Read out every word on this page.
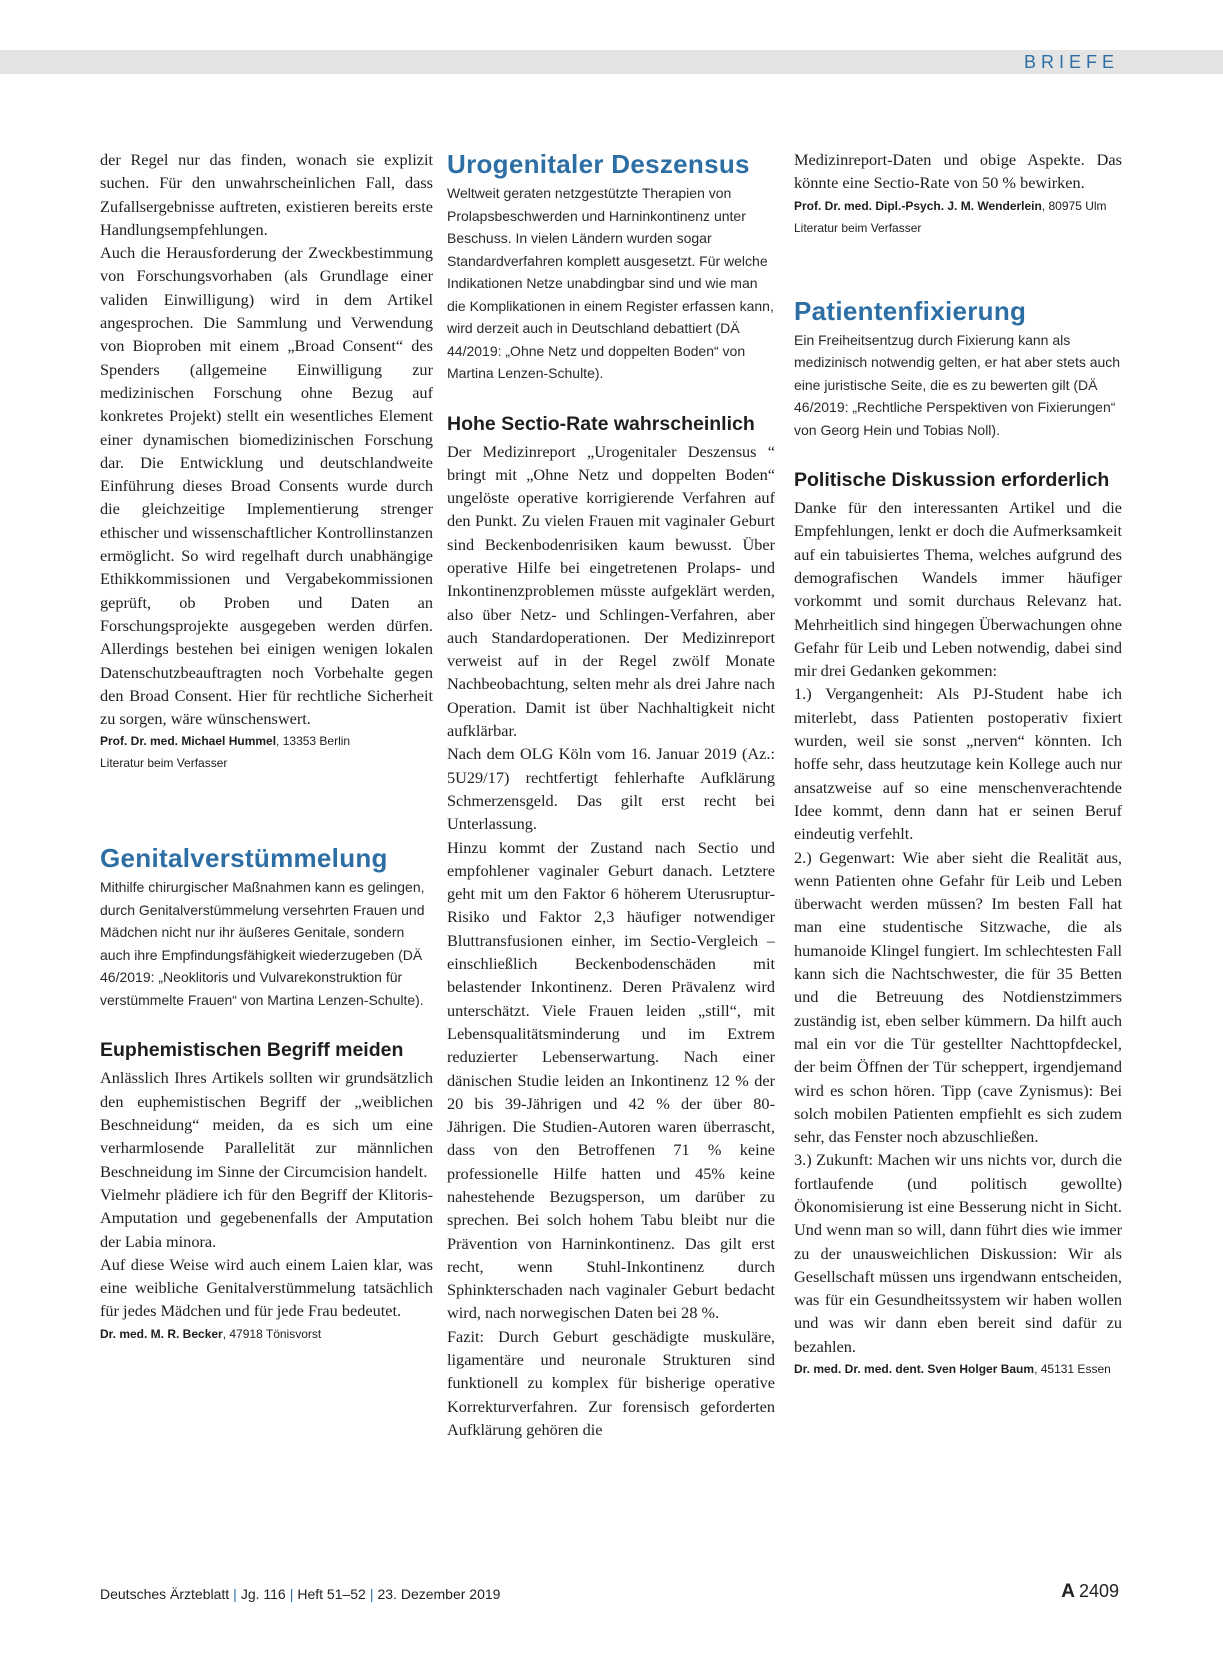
BRIEFE

der Regel nur das finden, wonach sie explizit suchen. Für den unwahrscheinlichen Fall, dass Zufallsergebnisse auftreten, existieren bereits erste Handlungsempfehlungen.

Auch die Herausforderung der Zweckbestimmung von Forschungsvorhaben (als Grundlage einer validen Einwilligung) wird in dem Artikel angesprochen. Die Sammlung und Verwendung von Bioproben mit einem „Broad Consent“ des Spenders (allgemeine Einwilligung zur medizinischen Forschung ohne Bezug auf konkretes Projekt) stellt ein wesentliches Element einer dynamischen biomedizinischen Forschung dar. Die Entwicklung und deutschlandweite Einführung dieses Broad Consents wurde durch die gleichzeitige Implementierung strenger ethischer und wissenschaftlicher Kontrollinstanzen ermöglicht. So wird regelhaft durch unabhängige Ethikkommissionen und Vergabekommissionen geprüft, ob Proben und Daten an Forschungsprojekte ausgegeben werden dürfen. Allerdings bestehen bei einigen wenigen lokalen Datenschutzbeauftragten noch Vorbehalte gegen den Broad Consent. Hier für rechtliche Sicherheit zu sorgen, wäre wünschenswert.

Prof. Dr. med. Michael Hummel, 13353 Berlin

Literatur beim Verfasser

Genitalverstümmelung

Mithilfe chirurgischer Maßnahmen kann es gelingen, durch Genitalverstümmelung versehrten Frauen und Mädchen nicht nur ihr äußeres Genitale, sondern auch ihre Empfindungsfähigkeit wiederzugeben (DÄ 46/2019: „Neoklitoris und Vulvarekonstruktion für verstümmelte Frauen“ von Martina Lenzen-Schulte).

Euphemistischen Begriff meiden

Anlässlich Ihres Artikels sollten wir grundsätzlich den euphemistischen Begriff der „weiblichen Beschneidung“ meiden, da es sich um eine verharmlosende Parallelität zur männlichen Beschneidung im Sinne der Circumcision handelt.

Vielmehr plädiere ich für den Begriff der Klitoris-Amputation und gegebenenfalls der Amputation der Labia minora.

Auf diese Weise wird auch einem Laien klar, was eine weibliche Genitalverstümmelung tatsächlich für jedes Mädchen und für jede Frau bedeutet.

Dr. med. M. R. Becker, 47918 Tönisvorst

Urogenitaler Deszensus

Weltweit geraten netzgestützte Therapien von Prolapsbeschwerden und Harninkontinenz unter Beschuss. In vielen Ländern wurden sogar Standardverfahren komplett ausgesetzt. Für welche Indikationen Netze unabdingbar sind und wie man die Komplikationen in einem Register erfassen kann, wird derzeit auch in Deutschland debattiert (DÄ 44/2019: „Ohne Netz und doppelten Boden“ von Martina Lenzen-Schulte).

Hohe Sectio-Rate wahrscheinlich

Der Medizinreport „Urogenitaler Deszensus “ bringt mit „Ohne Netz und doppelten Boden“ ungelöste operative korrigierende Verfahren auf den Punkt. Zu vielen Frauen mit vaginaler Geburt sind Beckenbodenrisiken kaum bewusst. Über operative Hilfe bei eingetretenen Prolaps- und Inkontinenzproblemen müsste aufgeklärt werden, also über Netz- und Schlingen-Verfahren, aber auch Standardoperationen. Der Medizinreport verweist auf in der Regel zwölf Monate Nachbeobachtung, selten mehr als drei Jahre nach Operation. Damit ist über Nachhaltigkeit nicht aufklärbar.

Nach dem OLG Köln vom 16. Januar 2019 (Az.: 5U29/17) rechtfertigt fehlerhafte Aufklärung Schmerzensgeld. Das gilt erst recht bei Unterlassung.

Hinzu kommt der Zustand nach Sectio und empfohlener vaginaler Geburt danach. Letztere geht mit um den Faktor 6 höherem Uterusruptur-Risiko und Faktor 2,3 häufiger notwendiger Bluttransfusionen einher, im Sectio-Vergleich – einschließlich Beckenbodenschäden mit belastender Inkontinenz. Deren Prävalenz wird unterschätzt. Viele Frauen leiden „still“, mit Lebensqualitätsminderung und im Extrem reduzierter Lebenserwartung. Nach einer dänischen Studie leiden an Inkontinenz 12 % der 20 bis 39-Jährigen und 42 % der über 80-Jährigen. Die Studien-Autoren waren überrascht, dass von den Betroffenen 71 % keine professionelle Hilfe hatten und 45% keine nahestehende Bezugsperson, um darüber zu sprechen. Bei solch hohem Tabu bleibt nur die Prävention von Harninkontinenz. Das gilt erst recht, wenn Stuhl-Inkontinenz durch Sphinkterschaden nach vaginaler Geburt bedacht wird, nach norwegischen Daten bei 28 %.

Fazit: Durch Geburt geschädigte muskuläre, ligamentäre und neuronale Strukturen sind funktionell zu komplex für bisherige operative Korrekturverfahren. Zur forensisch geforderten Aufklärung gehören die

Medizinreport-Daten und obige Aspekte. Das könnte eine Sectio-Rate von 50 % bewirken.

Prof. Dr. med. Dipl.-Psych. J. M. Wenderlein, 80975 Ulm

Literatur beim Verfasser

Patientenfixierung

Ein Freiheitsentzug durch Fixierung kann als medizinisch notwendig gelten, er hat aber stets auch eine juristische Seite, die es zu bewerten gilt (DÄ 46/2019: „Rechtliche Perspektiven von Fixierungen“ von Georg Hein und Tobias Noll).

Politische Diskussion erforderlich

Danke für den interessanten Artikel und die Empfehlungen, lenkt er doch die Aufmerksamkeit auf ein tabuisiertes Thema, welches aufgrund des demografischen Wandels immer häufiger vorkommt und somit durchaus Relevanz hat. Mehrheitlich sind hingegen Überwachungen ohne Gefahr für Leib und Leben notwendig, dabei sind mir drei Gedanken gekommen:

1.) Vergangenheit: Als PJ-Student habe ich miterlebt, dass Patienten postoperativ fixiert wurden, weil sie sonst „nerven“ könnten. Ich hoffe sehr, dass heutzutage kein Kollege auch nur ansatzweise auf so eine menschenverachtende Idee kommt, denn dann hat er seinen Beruf eindeutig verfehlt.

2.) Gegenwart: Wie aber sieht die Realität aus, wenn Patienten ohne Gefahr für Leib und Leben überwacht werden müssen? Im besten Fall hat man eine studentische Sitzwache, die als humanoide Klingel fungiert. Im schlechtesten Fall kann sich die Nachtschwester, die für 35 Betten und die Betreuung des Notdienstzimmers zuständig ist, eben selber kümmern. Da hilft auch mal ein vor die Tür gestellter Nachttopfdeckel, der beim Öffnen der Tür scheppert, irgendjemand wird es schon hören. Tipp (cave Zynismus): Bei solch mobilen Patienten empfiehlt es sich zudem sehr, das Fenster noch abzuschließen.

3.) Zukunft: Machen wir uns nichts vor, durch die fortlaufende (und politisch gewollte) Ökonomisierung ist eine Besserung nicht in Sicht. Und wenn man so will, dann führt dies wie immer zu der unausweichlichen Diskussion: Wir als Gesellschaft müssen uns irgendwann entscheiden, was für ein Gesundheitssystem wir haben wollen und was wir dann eben bereit sind dafür zu bezahlen.

Dr. med. Dr. med. dent. Sven Holger Baum, 45131 Essen

Deutsches Ärzteblatt | Jg. 116 | Heft 51–52 | 23. Dezember 2019	A 2409
